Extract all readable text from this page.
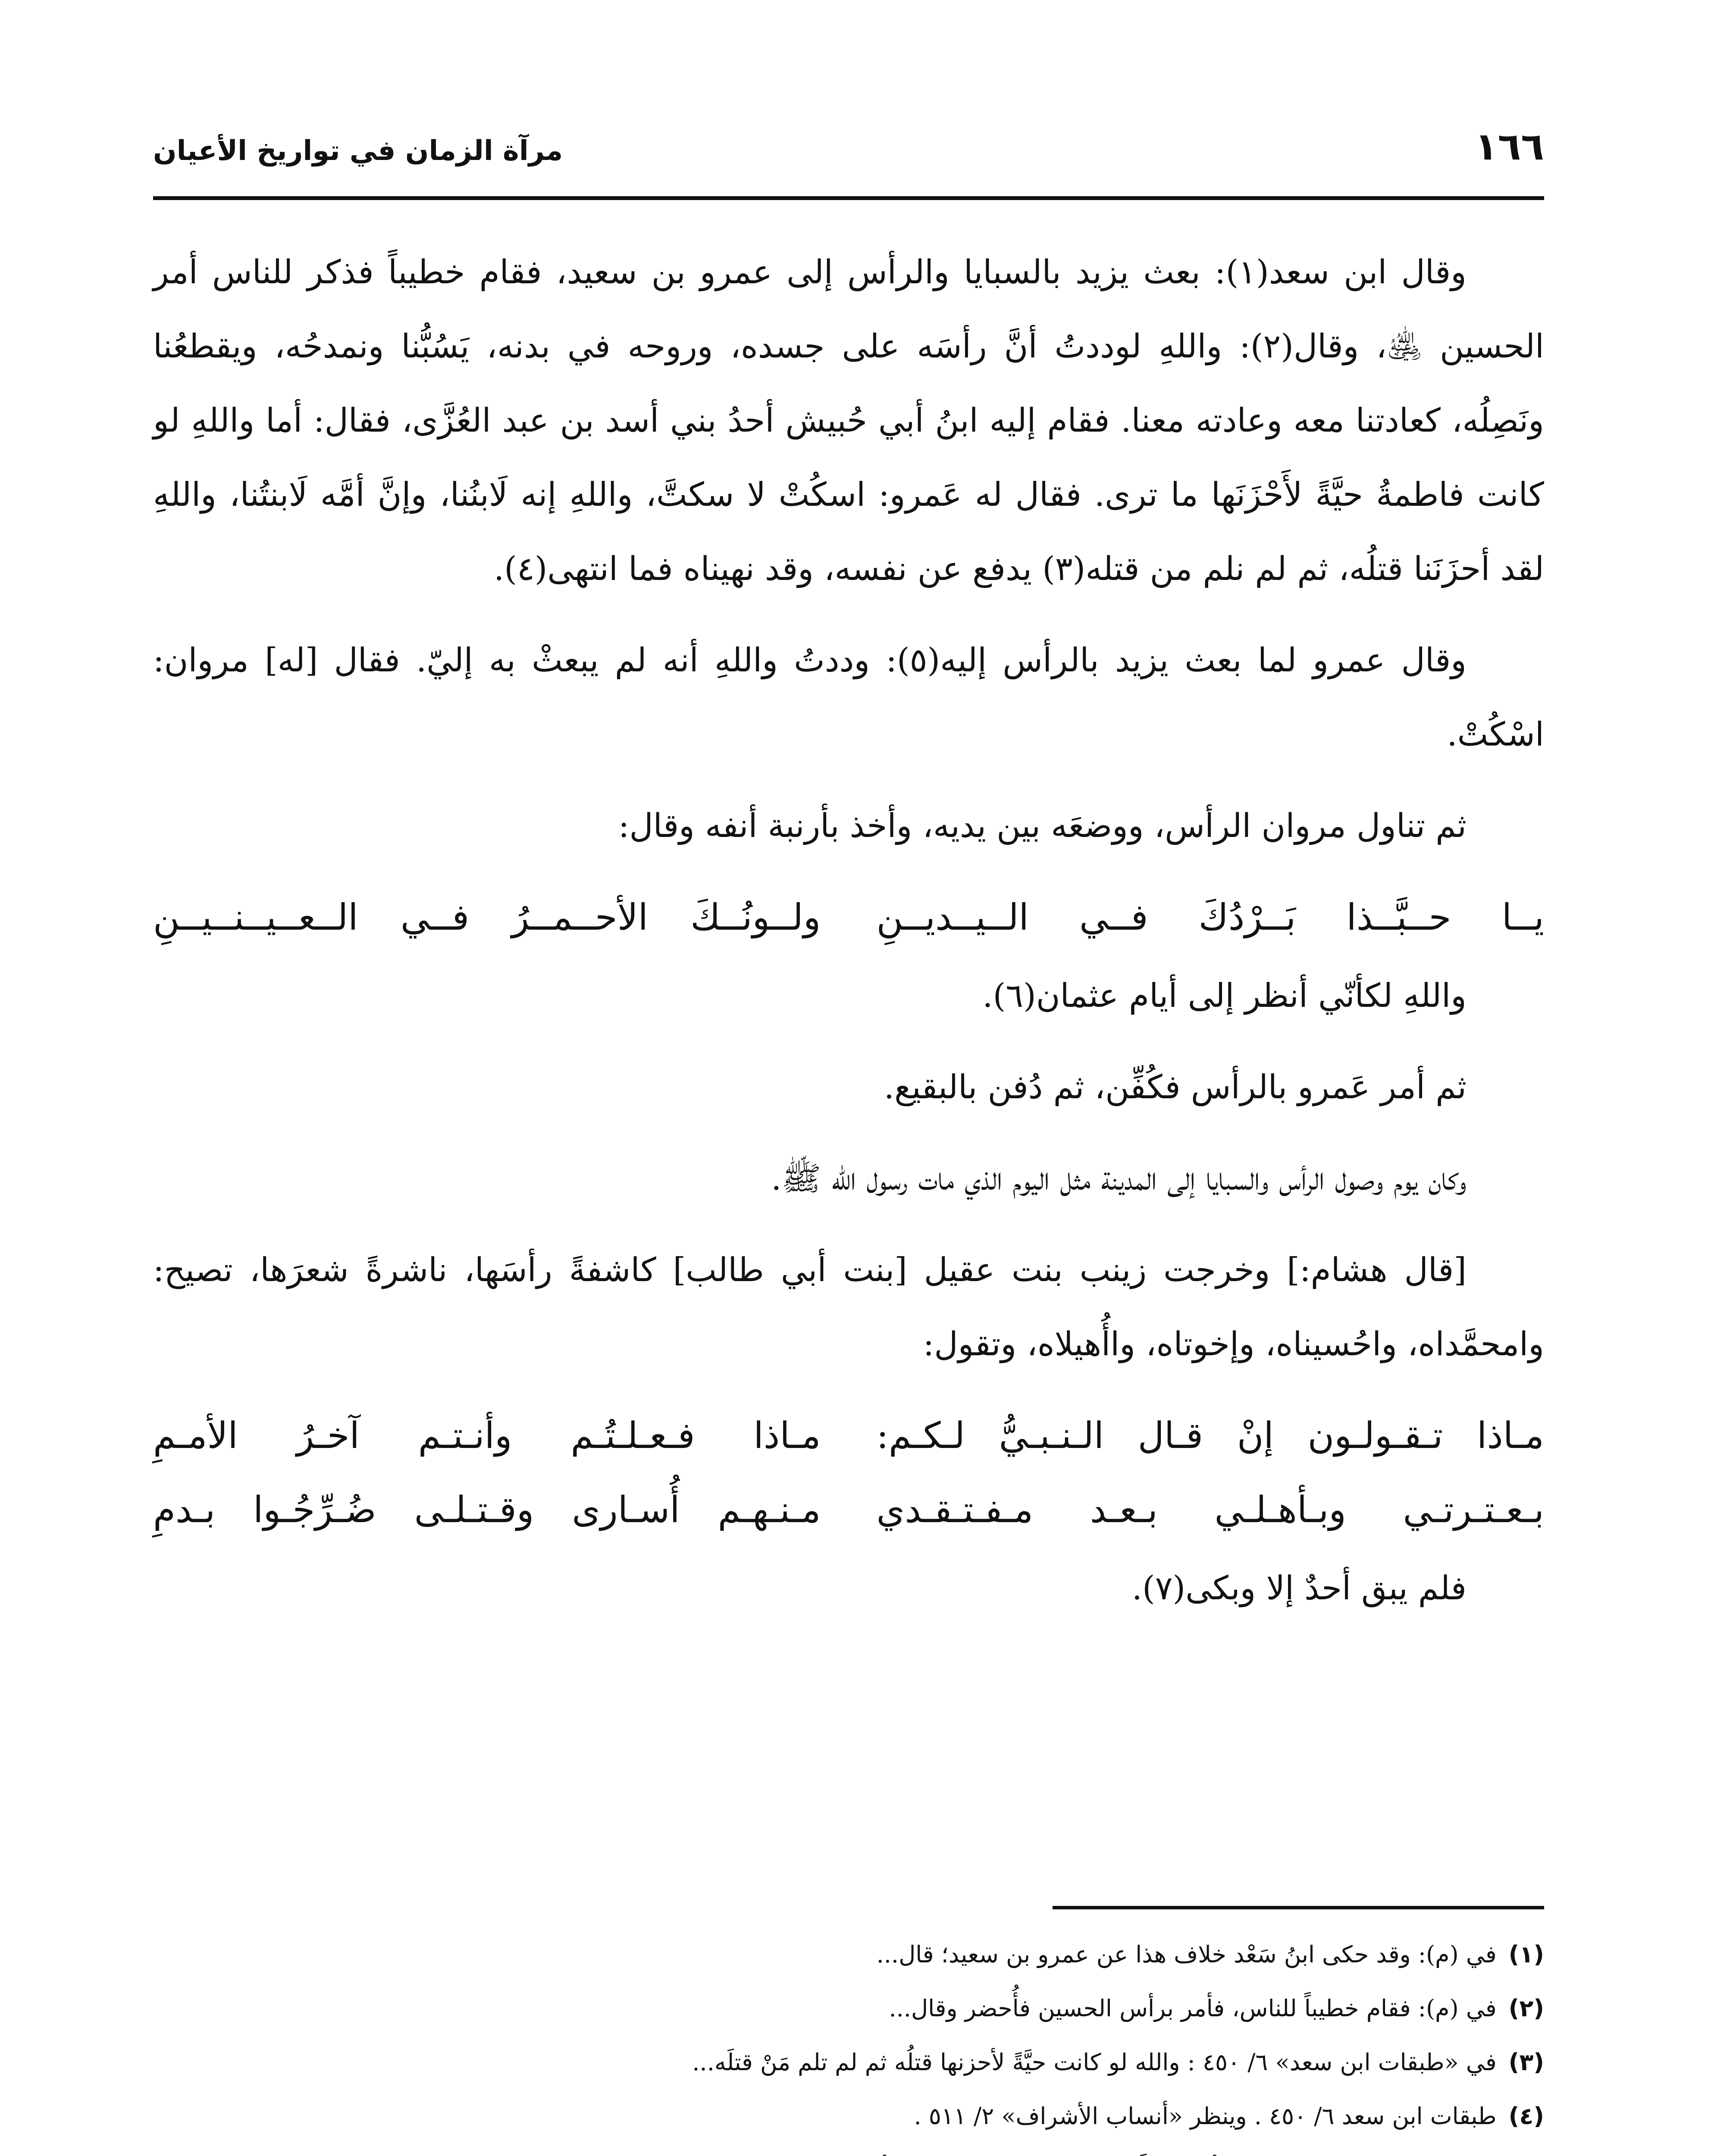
١٦٦
مرآة الزمان في تواريخ الأعيان

وقال ابن سعد(١): بعث يزيد بالسبايا والرأس إلى عمرو بن سعيد، فقام خطيباً فذكر للناس أمر الحسين ﵁، وقال(٢): واللهِ لوددتُ أنَّ رأسَه على جسده، وروحه في بدنه، يَسُبُّنا ونمدحُه، ويقطعُنا ونَصِلُه، كعادتنا معه وعادته معنا. فقام إليه ابنُ أبي حُبيش أحدُ بني أسد بن عبد العُزَّى، فقال: أما واللهِ لو كانت فاطمةُ حيَّةً لأَحْزَنَها ما ترى. فقال له عَمرو: اسكُتْ لا سكتَّ، واللهِ إنه لَابنُنا، وإنَّ أمَّه لَابنتُنا، واللهِ لقد أحزَنَنا قتلُه، ثم لم نلم من قتله(٣) يدفع عن نفسه، وقد نهيناه فما انتهى(٤).

وقال عمرو لما بعث يزيد بالرأس إليه(٥): وددتُ واللهِ أنه لم يبعثْ به إليّ. فقال [له] مروان: اسْكُتْ.

ثم تناول مروان الرأس، ووضعَه بين يديه، وأخذ بأرنبة أنفه وقال:

يــا حــبَّــذا بَــرْدُكَ فــي الــيــديــنِ
ولــونُــكَ الأحــمــرُ فــي الــعــيــنــيــنِ

واللهِ لكأنّي أنظر إلى أيام عثمان(٦).

ثم أمر عَمرو بالرأس فكُفِّن، ثم دُفن بالبقيع.

وكان يوم وصول الرأس والسبايا إلى المدينة مثل اليوم الذي مات رسول الله ﷺ.

[قال هشام:] وخرجت زينب بنت عقيل [بنت أبي طالب] كاشفةً رأسَها، ناشرةً شعرَها، تصيح: وامحمَّداه، واحُسيناه، وإخوتاه، واأُهيلاه، وتقول:

مـاذا تـقـولـون إنْ قـال الـنـبـيُّ لـكـم:
مـاذا فـعـلـتُـم وأنـتـم آخـرُ الأمـمِ
بـعـتـرتـي وبـأهـلـي بـعـد مـفـتـقـدي
مـنـهـم أُسـارى وقـتـلـى ضُـرِّجُـوا بـدمِ

فلم يبق أحدٌ إلا وبكى(٧).

(١)في (م): وقد حكى ابنُ سَعْد خلاف هذا عن عمرو بن سعيد؛ قال...
(٢)في (م): فقام خطيباً للناس، فأمر برأس الحسين فأُحضر وقال...
(٣)في «طبقات ابن سعد» ٦/ ٤٥٠ : والله لو كانت حيَّةً لأحزنها قتلُه ثم لم تلم مَنْ قتلَه...
(٤)طبقات ابن سعد ٦/ ٤٥٠ . وينظر «أنساب الأشراف» ٢/ ٥١١ .
